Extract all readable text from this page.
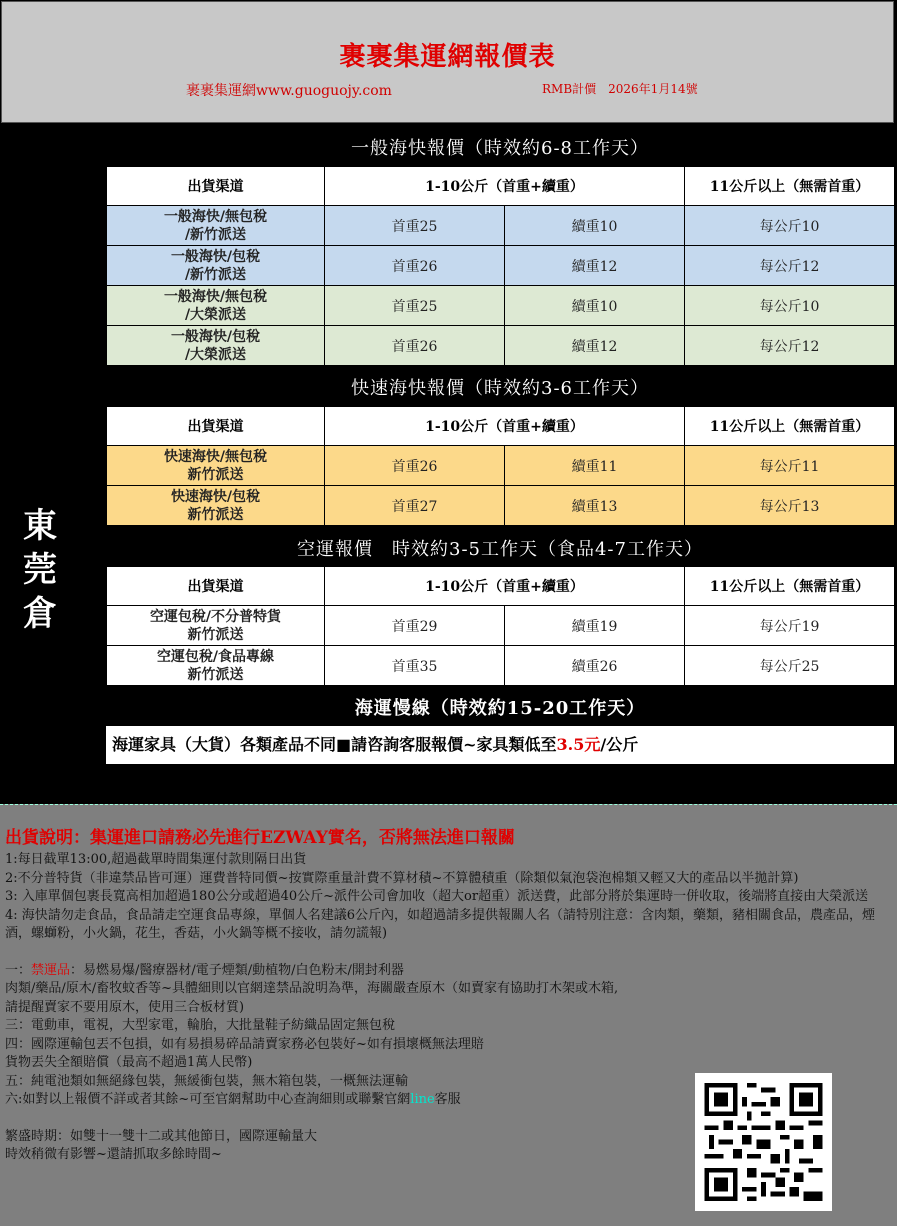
裹裹集運網報價表
裹裹集運網www.guoguojy.com	RMB計價　2026年1月14號
東
莞
倉
一般海快報價（時效約6-8工作天）
出貨渠道	1-10公斤（首重+續重）		11公斤以上（無需首重）

一般海快/無包稅
/新竹派送	首重25	續重10	每公斤10

一般海快/包稅
/新竹派送	首重26	續重12	每公斤12

一般海快/無包稅
/大榮派送	首重25	續重10	每公斤10

一般海快/包稅
/大榮派送	首重26	續重12	每公斤12
快速海快報價（時效約3-6工作天）
出貨渠道	1-10公斤（首重+續重）		11公斤以上（無需首重）

快速海快/無包稅
新竹派送	首重26	續重11	每公斤11

快速海快/包稅
新竹派送	首重27	續重13	每公斤13
空運報價　時效約3-5工作天（食品4-7工作天）
出貨渠道	1-10公斤（首重+續重）		11公斤以上（無需首重）

空運包稅/不分普特貨
新竹派送	首重29	續重19	每公斤19

空運包稅/食品專線
新竹派送	首重35	續重26	每公斤25
海運慢線（時效約15-20工作天）
海運家具（大貨）各類產品不同■請咨詢客服報價~家具類低至3.5元/公斤
出貨說明：集運進口請務必先進行EZWAY實名，否將無法進口報關

1:每日截單13:00,超過截單時間集運付款則隔日出貨

2:不分普特貨（非違禁品皆可運）運費普特同價~按實際重量計費不算材積~不算體積重（除類似氣泡袋泡棉類又輕又大的產品以半拋計算)

3: 入庫單個包裹長寬高相加超過180公分或超過40公斤~派件公司會加收（超大or超重）派送費，此部分將於集運時一併收取，後端將直接由大榮派送

4: 海快請勿走食品，食品請走空運食品專線，單個人名建議6公斤內，如超過請多提供報關人名（請特別注意：含肉類，藥類，豬相關食品，農產品，煙酒，螺螄粉，小火鍋，花生，香菇，小火鍋等概不接收，請勿謊報)

一：禁運品：易燃易爆/醫療器材/電子煙類/動植物/白色粉末/開封利器

肉類/藥品/原木/畜牧蚊香等~具體細則以官網達禁品說明為準，海關嚴查原木（如賣家有協助打木架或木箱,

請提醒賣家不要用原木，使用三合板材質)

三：電動車，電視，大型家電，輪胎，大批量鞋子紡織品固定無包稅

四：國際運輸包丟不包損，如有易損易碎品請賣家務必包裝好~如有損壞概無法理賠

貨物丟失全額賠償（最高不超過1萬人民幣)

五：純電池類如無絕緣包裝，無緩衝包裝，無木箱包裝，一概無法運輸

六:如對以上報價不詳或者其餘~可至官網幫助中心查詢細則或聯繫官網line客服

繁盛時期：如雙十一雙十二或其他節日，國際運輸量大

時效稍微有影響~還請抓取多餘時間~
